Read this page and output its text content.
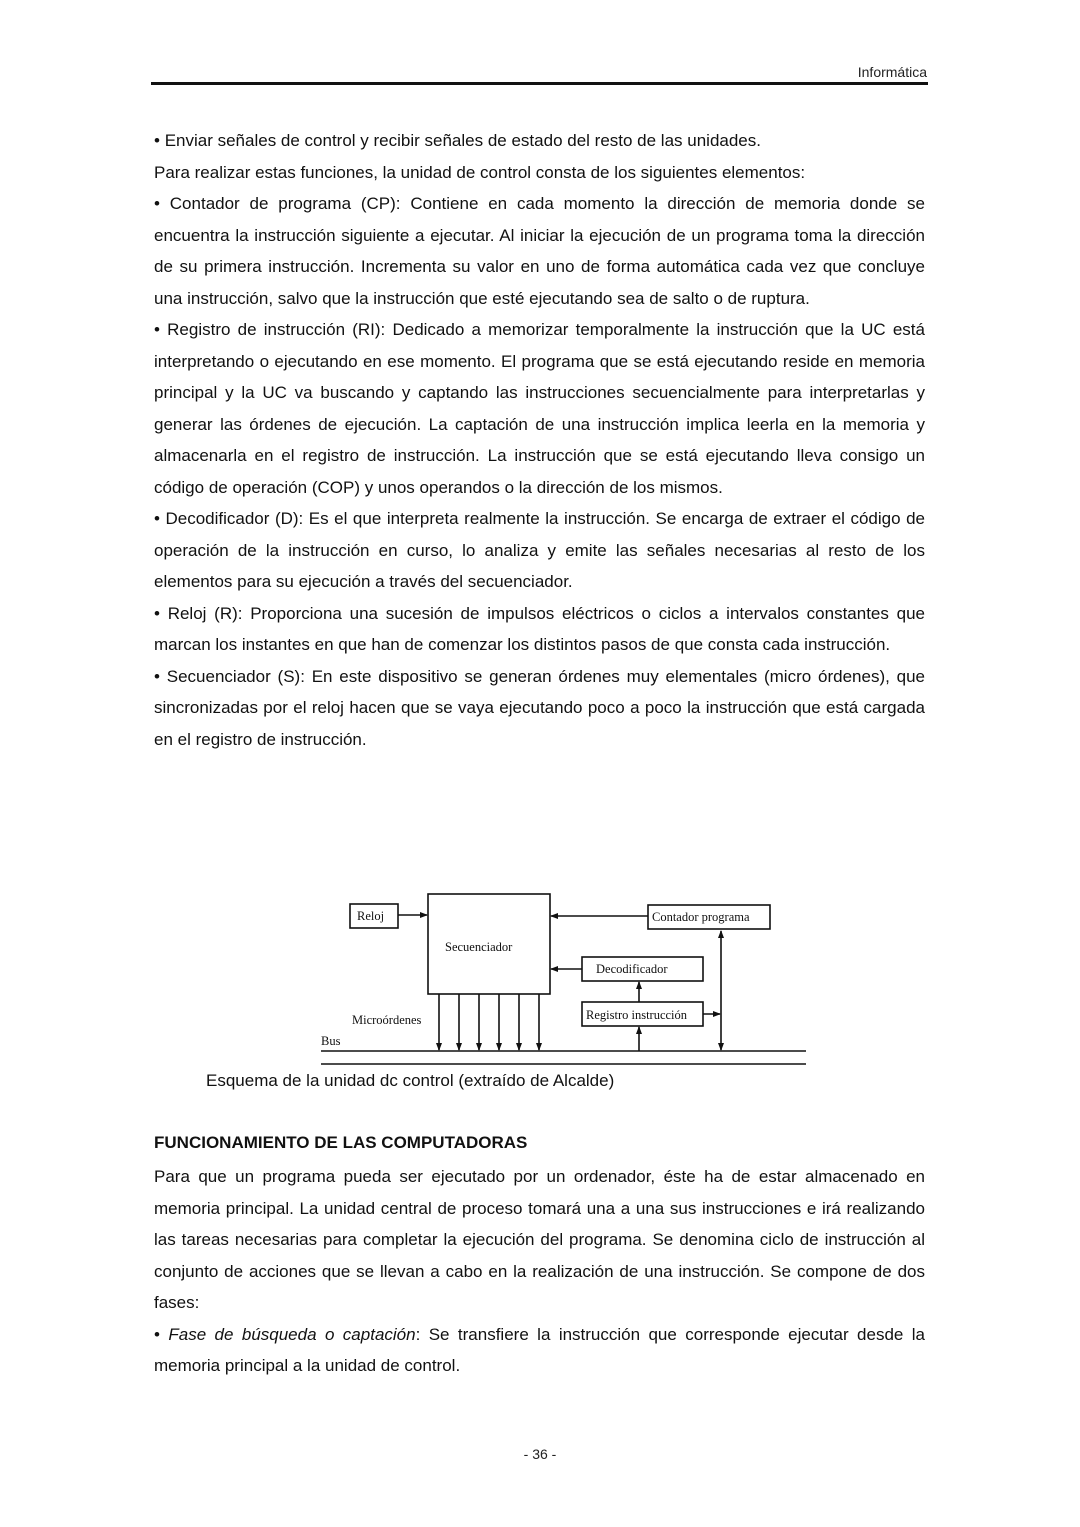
Informática

• Enviar señales de control y recibir señales de estado del resto de las unidades.

Para realizar estas funciones, la unidad de control consta de los siguientes elementos:

• Contador de programa (CP): Contiene en cada momento la dirección de memoria donde se encuentra la instrucción siguiente a ejecutar. Al iniciar la ejecución de un programa toma la dirección de su primera instrucción. Incrementa su valor en uno de forma automática cada vez que concluye una instrucción, salvo que la instrucción que esté ejecutando sea de salto o de ruptura.

• Registro de instrucción (RI): Dedicado a memorizar temporalmente la instrucción que la UC está interpretando o ejecutando en ese momento. El programa que se está ejecutando reside en memoria principal y la UC va buscando y captando las instrucciones secuencialmente para interpretarlas y generar las órdenes de ejecución. La captación de una instrucción implica leerla en la memoria y almacenarla en el registro de instrucción. La instrucción que se está ejecutando lleva consigo un código de operación (COP) y unos operandos o la dirección de los mismos.

• Decodificador (D): Es el que interpreta realmente la instrucción. Se encarga de extraer el código de operación de la instrucción en curso, lo analiza y emite las señales necesarias al resto de los elementos para su ejecución a través del secuenciador.

• Reloj (R): Proporciona una sucesión de impulsos eléctricos o ciclos a intervalos constantes que marcan los instantes en que han de comenzar los distintos pasos de que consta cada instrucción.

• Secuenciador (S): En este dispositivo se generan órdenes muy elementales (micro órdenes), que sincronizadas por el reloj hacen que se vaya ejecutando poco a poco la instrucción que está cargada en el registro de instrucción.

Reloj
Secuenciador
Contador programa
Decodificador
Registro instrucción
Microórdenes
Bus
Esquema de la unidad dc control (extraído de Alcalde)
FUNCIONAMIENTO DE LAS COMPUTADORAS

Para que un programa pueda ser ejecutado por un ordenador, éste ha de estar almacenado en memoria principal. La unidad central de proceso tomará una a una sus instrucciones e irá realizando las tareas necesarias para completar la ejecución del programa. Se denomina ciclo de instrucción al conjunto de acciones que se llevan a cabo en la realización de una instrucción. Se compone de dos fases:

• Fase de búsqueda o captación: Se transfiere la instrucción que corresponde ejecutar desde la memoria principal a la unidad de control.

- 36 -
